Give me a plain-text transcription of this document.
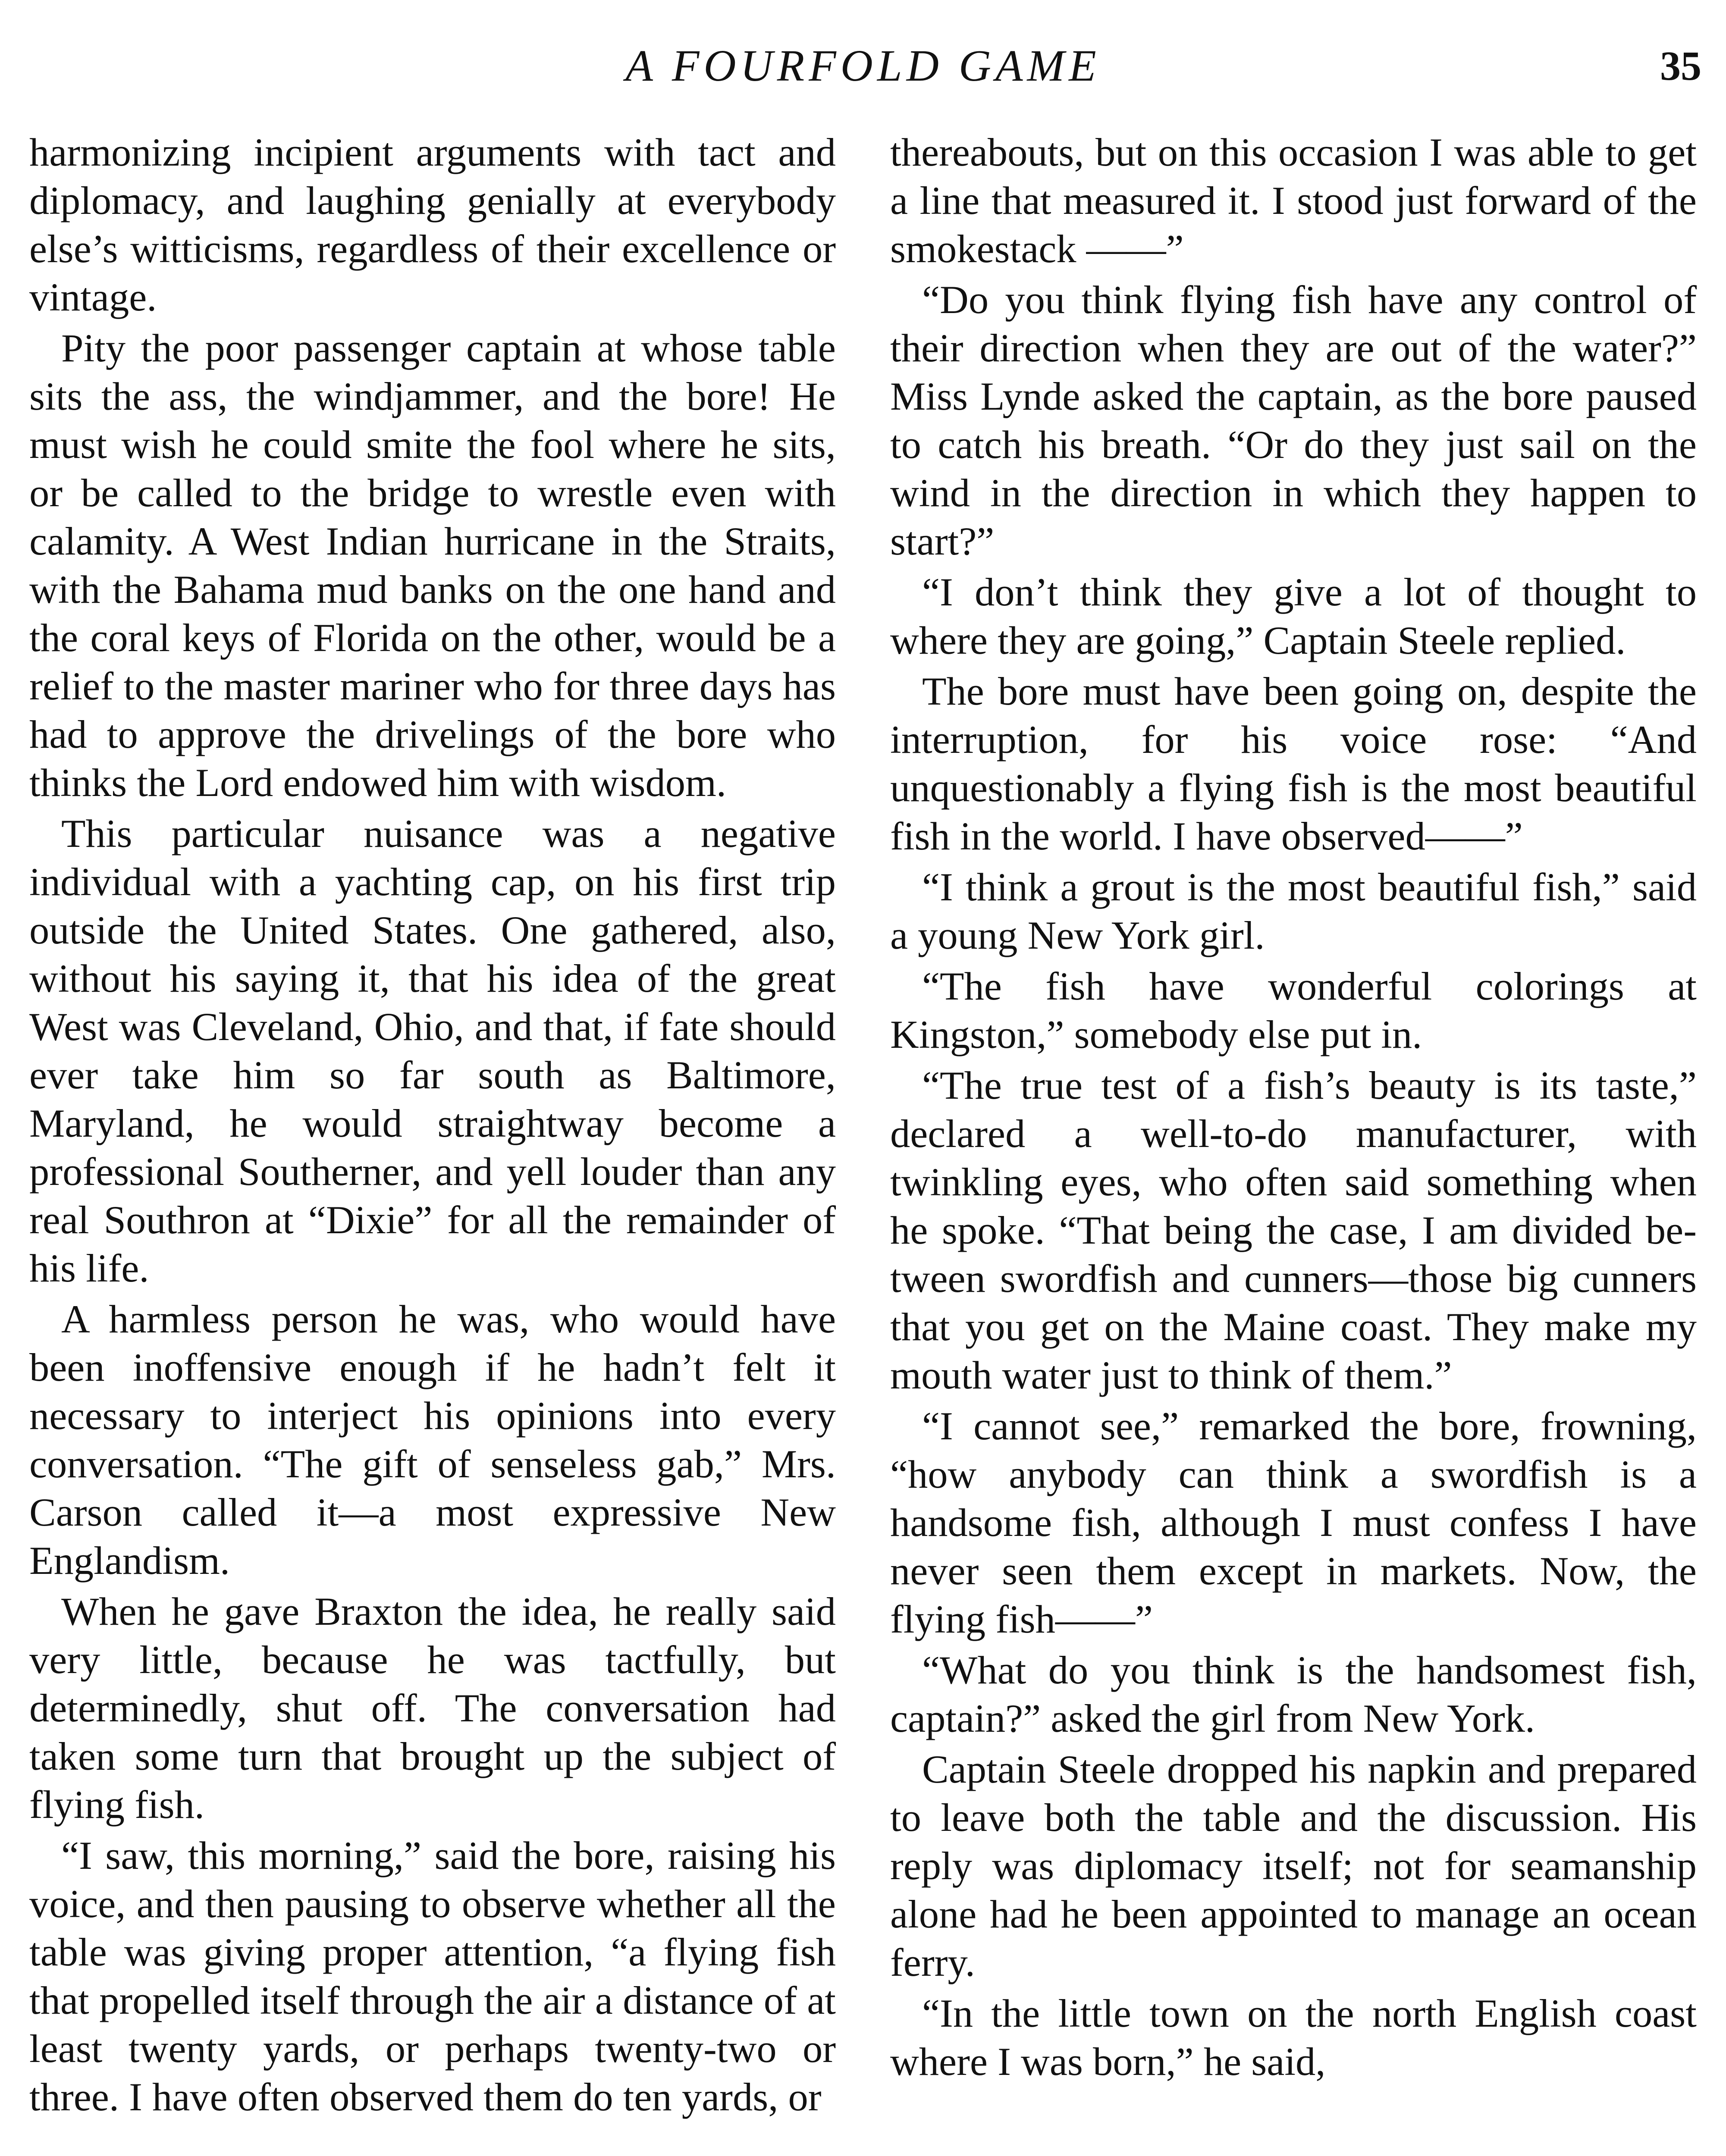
A FOURFOLD GAME	35

harmonizing incipient arguments with tact and diplomacy, and laughing genially at everybody else’s witticisms, regardless of their excellence or vintage.

Pity the poor passenger captain at whose table sits the ass, the windjammer, and the bore! He must wish he could smite the fool where he sits, or be called to the bridge to wrestle even with calamity. A West Indian hurricane in the Straits, with the Bahama mud banks on the one hand and the coral keys of Florida on the other, would be a relief to the master mariner who for three days has had to approve the drivelings of the bore who thinks the Lord endowed him with wisdom.

This particular nuisance was a negative individual with a yachting cap, on his first trip outside the United States. One gathered, also, without his saying it, that his idea of the great West was Cleveland, Ohio, and that, if fate should ever take him so far south as Baltimore, Maryland, he would straightway become a professional Southerner, and yell louder than any real Southron at “Dixie” for all the remainder of his life.

A harmless person he was, who would have been inoffensive enough if he hadn’t felt it necessary to interject his opinions into every conversation. “The gift of senseless gab,” Mrs. Carson called it—a most expressive New Englandism.

When he gave Braxton the idea, he really said very little, because he was tactfully, but determinedly, shut off. The conversation had taken some turn that brought up the subject of flying fish.

“I saw, this morning,” said the bore, raising his voice, and then pausing to observe whether all the table was giving proper attention, “a flying fish that propelled itself through the air a distance of at least twenty yards, or perhaps twenty-two or three. I have often observed them do ten yards, or

thereabouts, but on this occasion I was able to get a line that measured it. I stood just forward of the smokestack ——”

“Do you think flying fish have any control of their direction when they are out of the water?” Miss Lynde asked the captain, as the bore paused to catch his breath. “Or do they just sail on the wind in the direction in which they happen to start?”

“I don’t think they give a lot of thought to where they are going,” Captain Steele replied.

The bore must have been going on, despite the interruption, for his voice rose: “And unquestionably a flying fish is the most beautiful fish in the world. I have observed——”

“I think a grout is the most beautiful fish,” said a young New York girl.

“The fish have wonderful colorings at Kingston,” somebody else put in.

“The true test of a fish’s beauty is its taste,” declared a well-to-do manufacturer, with twinkling eyes, who often said something when he spoke. “That being the case, I am divided between swordfish and cunners—those big cunners that you get on the Maine coast. They make my mouth water just to think of them.”

“I cannot see,” remarked the bore, frowning, “how anybody can think a swordfish is a handsome fish, although I must confess I have never seen them except in markets. Now, the flying fish——”

“What do you think is the handsomest fish, captain?” asked the girl from New York.

Captain Steele dropped his napkin and prepared to leave both the table and the discussion. His reply was diplomacy itself; not for seamanship alone had he been appointed to manage an ocean ferry.

“In the little town on the north English coast where I was born,” he said,
